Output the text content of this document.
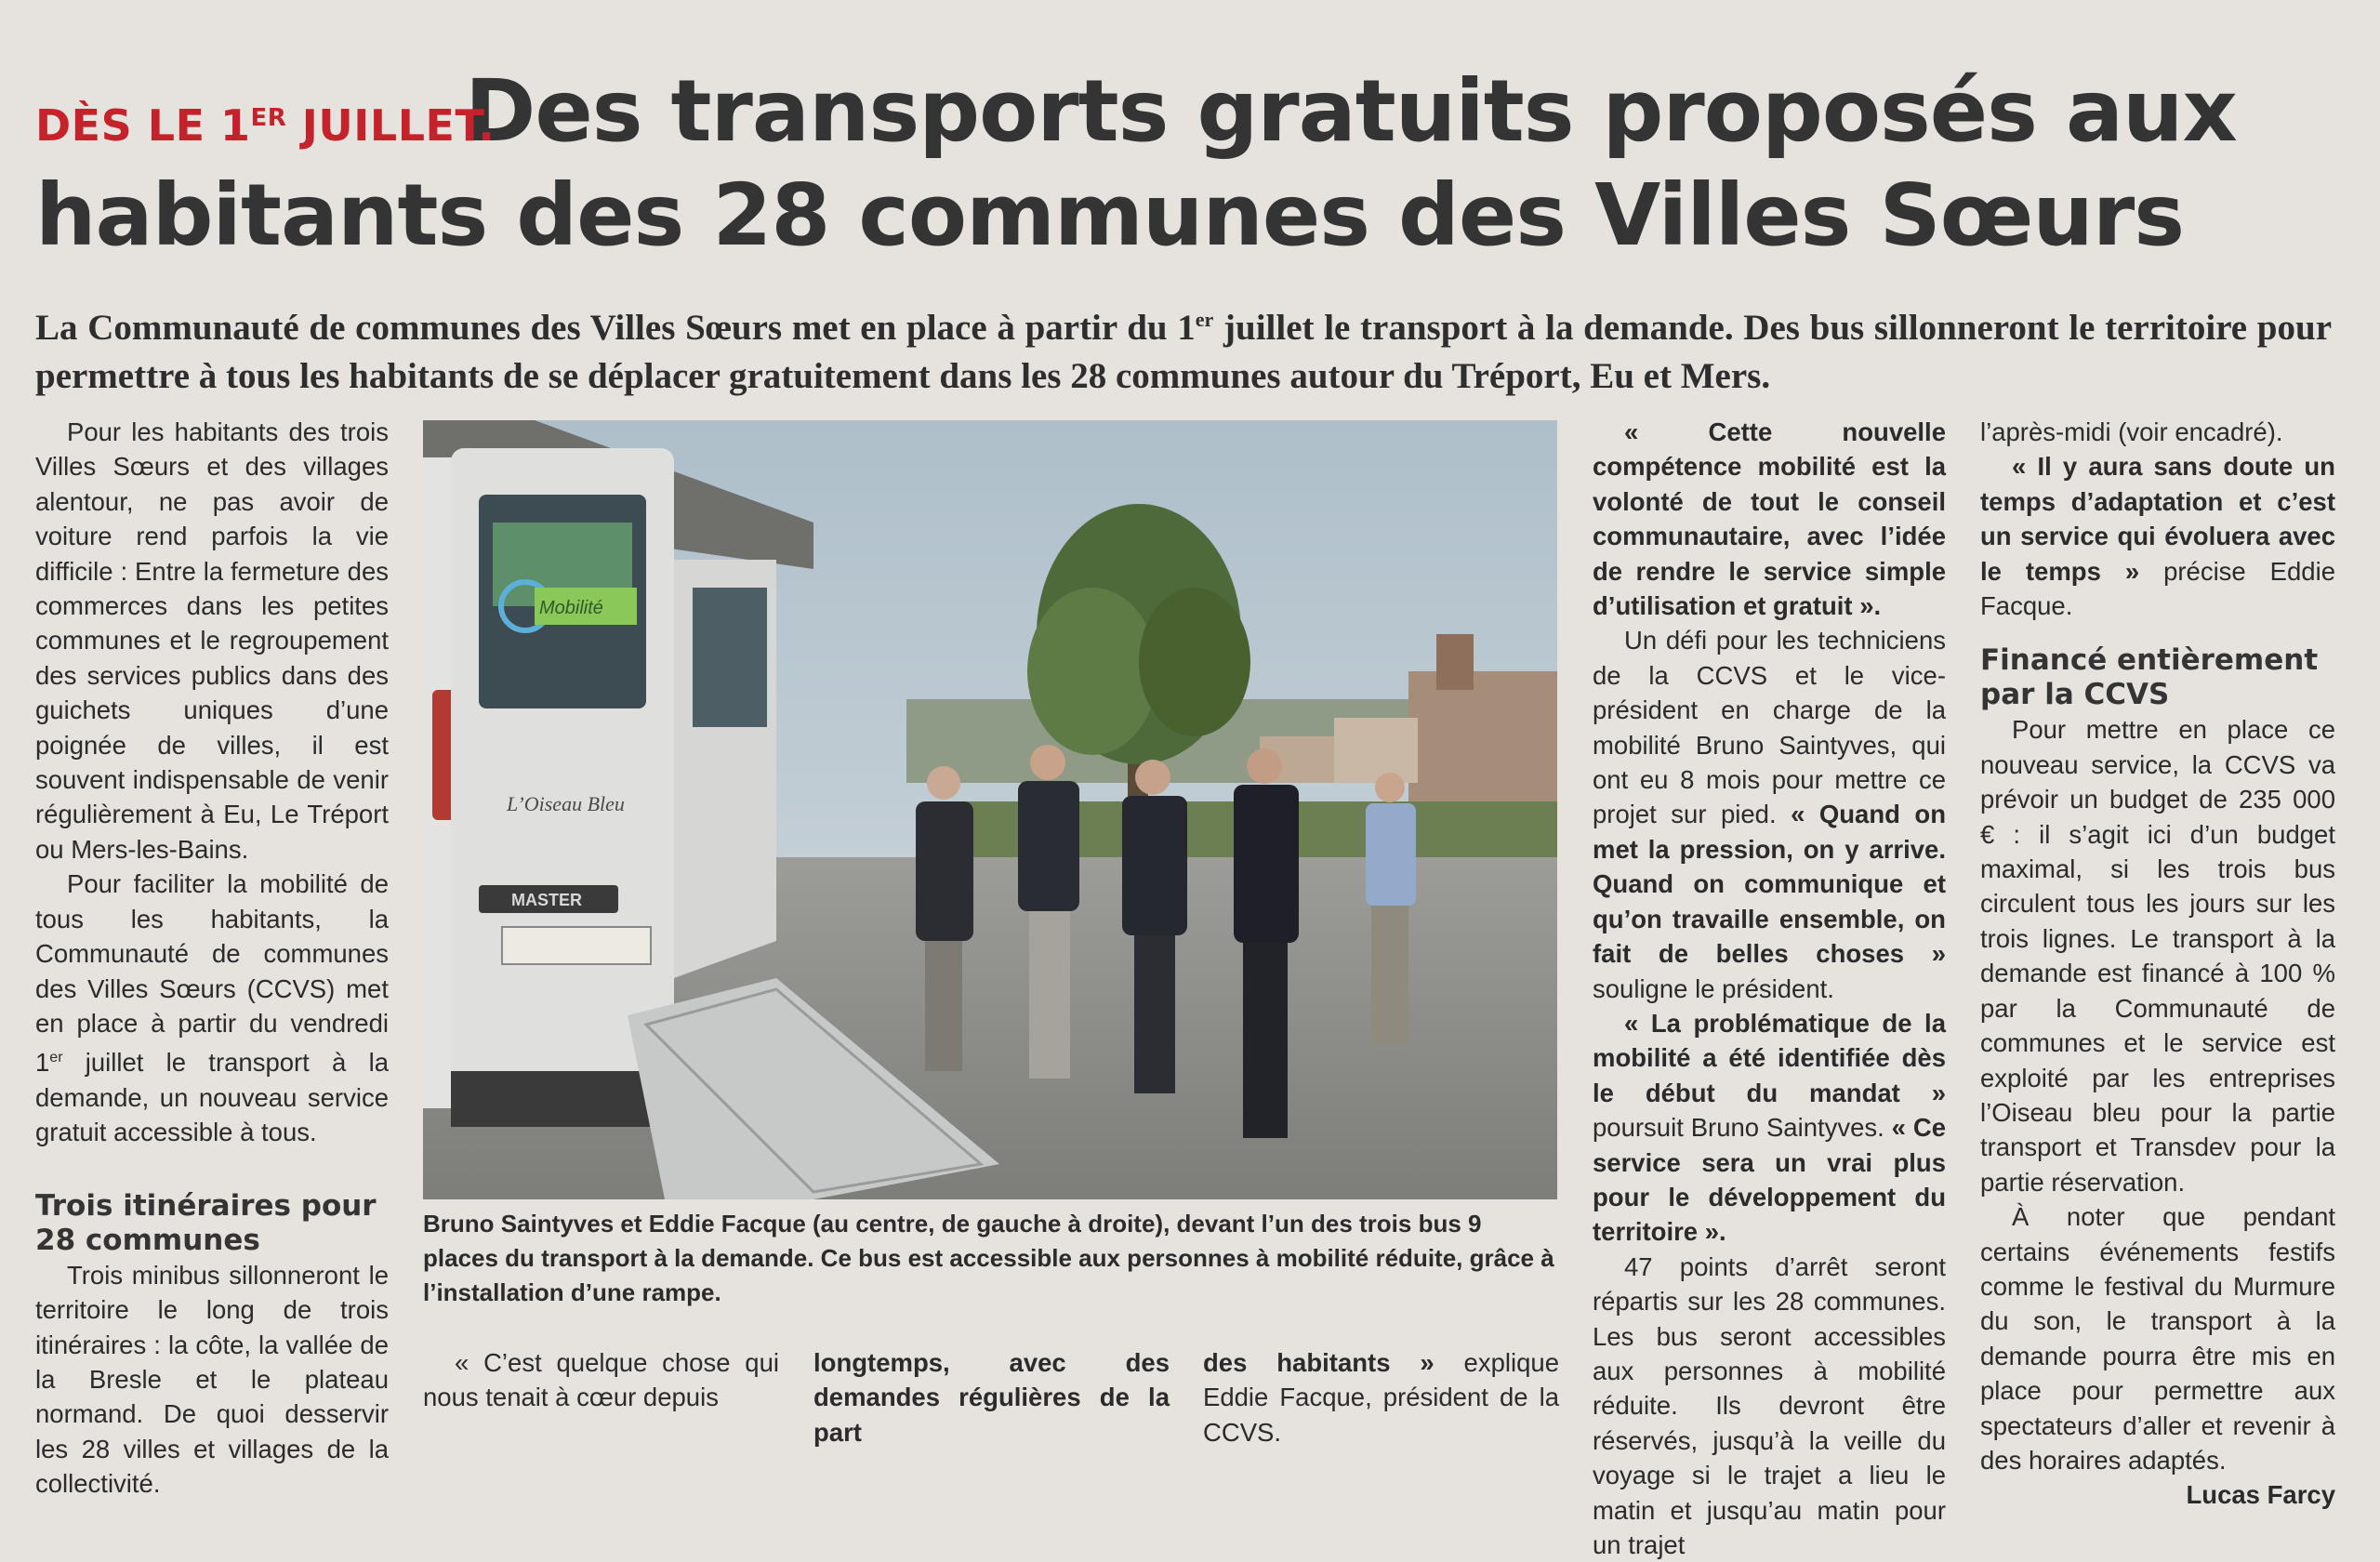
Des transports gratuits proposés aux
habitants des 28 communes des Villes Sœurs
DÈS LE 1ER JUILLET.
La Communauté de communes des Villes Sœurs met en place à partir du 1er juillet le transport à la demande. Des bus sillonneront le territoire pour permettre à tous les habitants de se déplacer gratuitement dans les 28 communes autour du Tréport, Eu et Mers.

Pour les habitants des trois Villes Sœurs et des villages alentour, ne pas avoir de voiture rend parfois la vie difficile : Entre la fermeture des commerces dans les petites communes et le regroupement des services publics dans des guichets uniques d’une poignée de villes, il est souvent indispensable de venir régulièrement à Eu, Le Tréport ou Mers-les-Bains.

Pour faciliter la mobilité de tous les habitants, la Communauté de communes des Villes Sœurs (CCVS) met en place à partir du vendredi 1er juillet le transport à la demande, un nouveau service gratuit accessible à tous.

Trois itinéraires pour 28 communes

Trois minibus sillonneront le territoire le long de trois itinéraires : la côte, la vallée de la Bresle et le plateau normand. De quoi desservir les 28 villes et villages de la collectivité.

Mobilité
L’Oiseau Bleu
MASTER
Bruno Saintyves et Eddie Facque (au centre, de gauche à droite), devant l’un des trois bus 9 places du transport à la demande. Ce bus est accessible aux personnes à mobilité réduite, grâce à l’installation d’une rampe.

« C’est quelque chose qui nous tenait à cœur depuis

longtemps, avec des demandes régulières de la part

des habitants » explique Eddie Facque, président de la CCVS.

« Cette nouvelle compétence mobilité est la volonté de tout le conseil communautaire, avec l’idée de rendre le service simple d’utilisation et gratuit ».

Un défi pour les techniciens de la CCVS et le vice-président en charge de la mobilité Bruno Saintyves, qui ont eu 8 mois pour mettre ce projet sur pied. « Quand on met la pression, on y arrive. Quand on communique et qu’on travaille ensemble, on fait de belles choses » souligne le président.

« La problématique de la mobilité a été identifiée dès le début du mandat » poursuit Bruno Saintyves. « Ce service sera un vrai plus pour le développement du territoire ».

47 points d’arrêt seront répartis sur les 28 communes. Les bus seront accessibles aux personnes à mobilité réduite. Ils devront être réservés, jusqu’à la veille du voyage si le trajet a lieu le matin et jusqu’au matin pour un trajet

l’après-midi (voir encadré).

« Il y aura sans doute un temps d’adaptation et c’est un service qui évoluera avec le temps » précise Eddie Facque.

Financé entièrement par la CCVS

Pour mettre en place ce nouveau service, la CCVS va prévoir un budget de 235 000 € : il s’agit ici d’un budget maximal, si les trois bus circulent tous les jours sur les trois lignes. Le transport à la demande est financé à 100 % par la Communauté de communes et le service est exploité par les entreprises l’Oiseau bleu pour la partie transport et Transdev pour la partie réservation.

À noter que pendant certains événements festifs comme le festival du Murmure du son, le transport à la demande pourra être mis en place pour permettre aux spectateurs d’aller et revenir à des horaires adaptés.

Lucas Farcy
